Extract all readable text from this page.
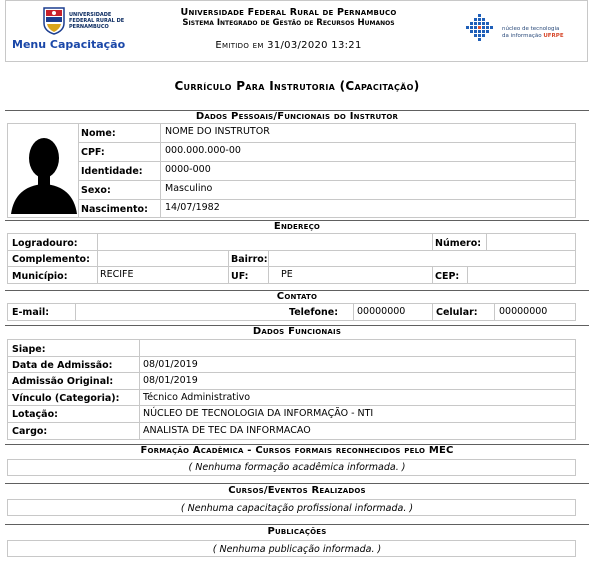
UNIVERSIDADE FEDERAL RURAL DE PERNAMBUCO
Menu Capacitação
Universidade Federal Rural de Pernambuco
Sistema Integrado de Gestão de Recursos Humanos
Emitido em 31/03/2020 13:21
núcleo de tecnologia
da informação UFRPE
Currículo Para Instrutoria (Capacitação)
Dados Pessoais/Funcionais do Instrutor
Nome:	NOME DO INSTRUTOR
CPF:	000.000.000-00
Identidade: 0000-000
Sexo:	Masculino
Nascimento: 14/07/1982
Endereço
Logradouro:	Número:
Complemento:	Bairro:
Município:	RECIFE	UF:	PE	CEP:
Contato
E-mail:	Telefone: 00000000	Celular: 00000000
Dados Funcionais
Siape:
Data de Admissão:	08/01/2019
Admissão Original:	08/01/2019
Vínculo (Categoria): Técnico Administrativo
Lotação:	NÚCLEO DE TECNOLOGIA DA INFORMAÇÃO - NTI
Cargo:	ANALISTA DE TEC DA INFORMACAO
Formação Acadêmica - Cursos formais reconhecidos pelo MEC
( Nenhuma formação acadêmica informada. )
Cursos/Eventos Realizados
( Nenhuma capacitação profissional informada. )
Publicações
( Nenhuma publicação informada. )
